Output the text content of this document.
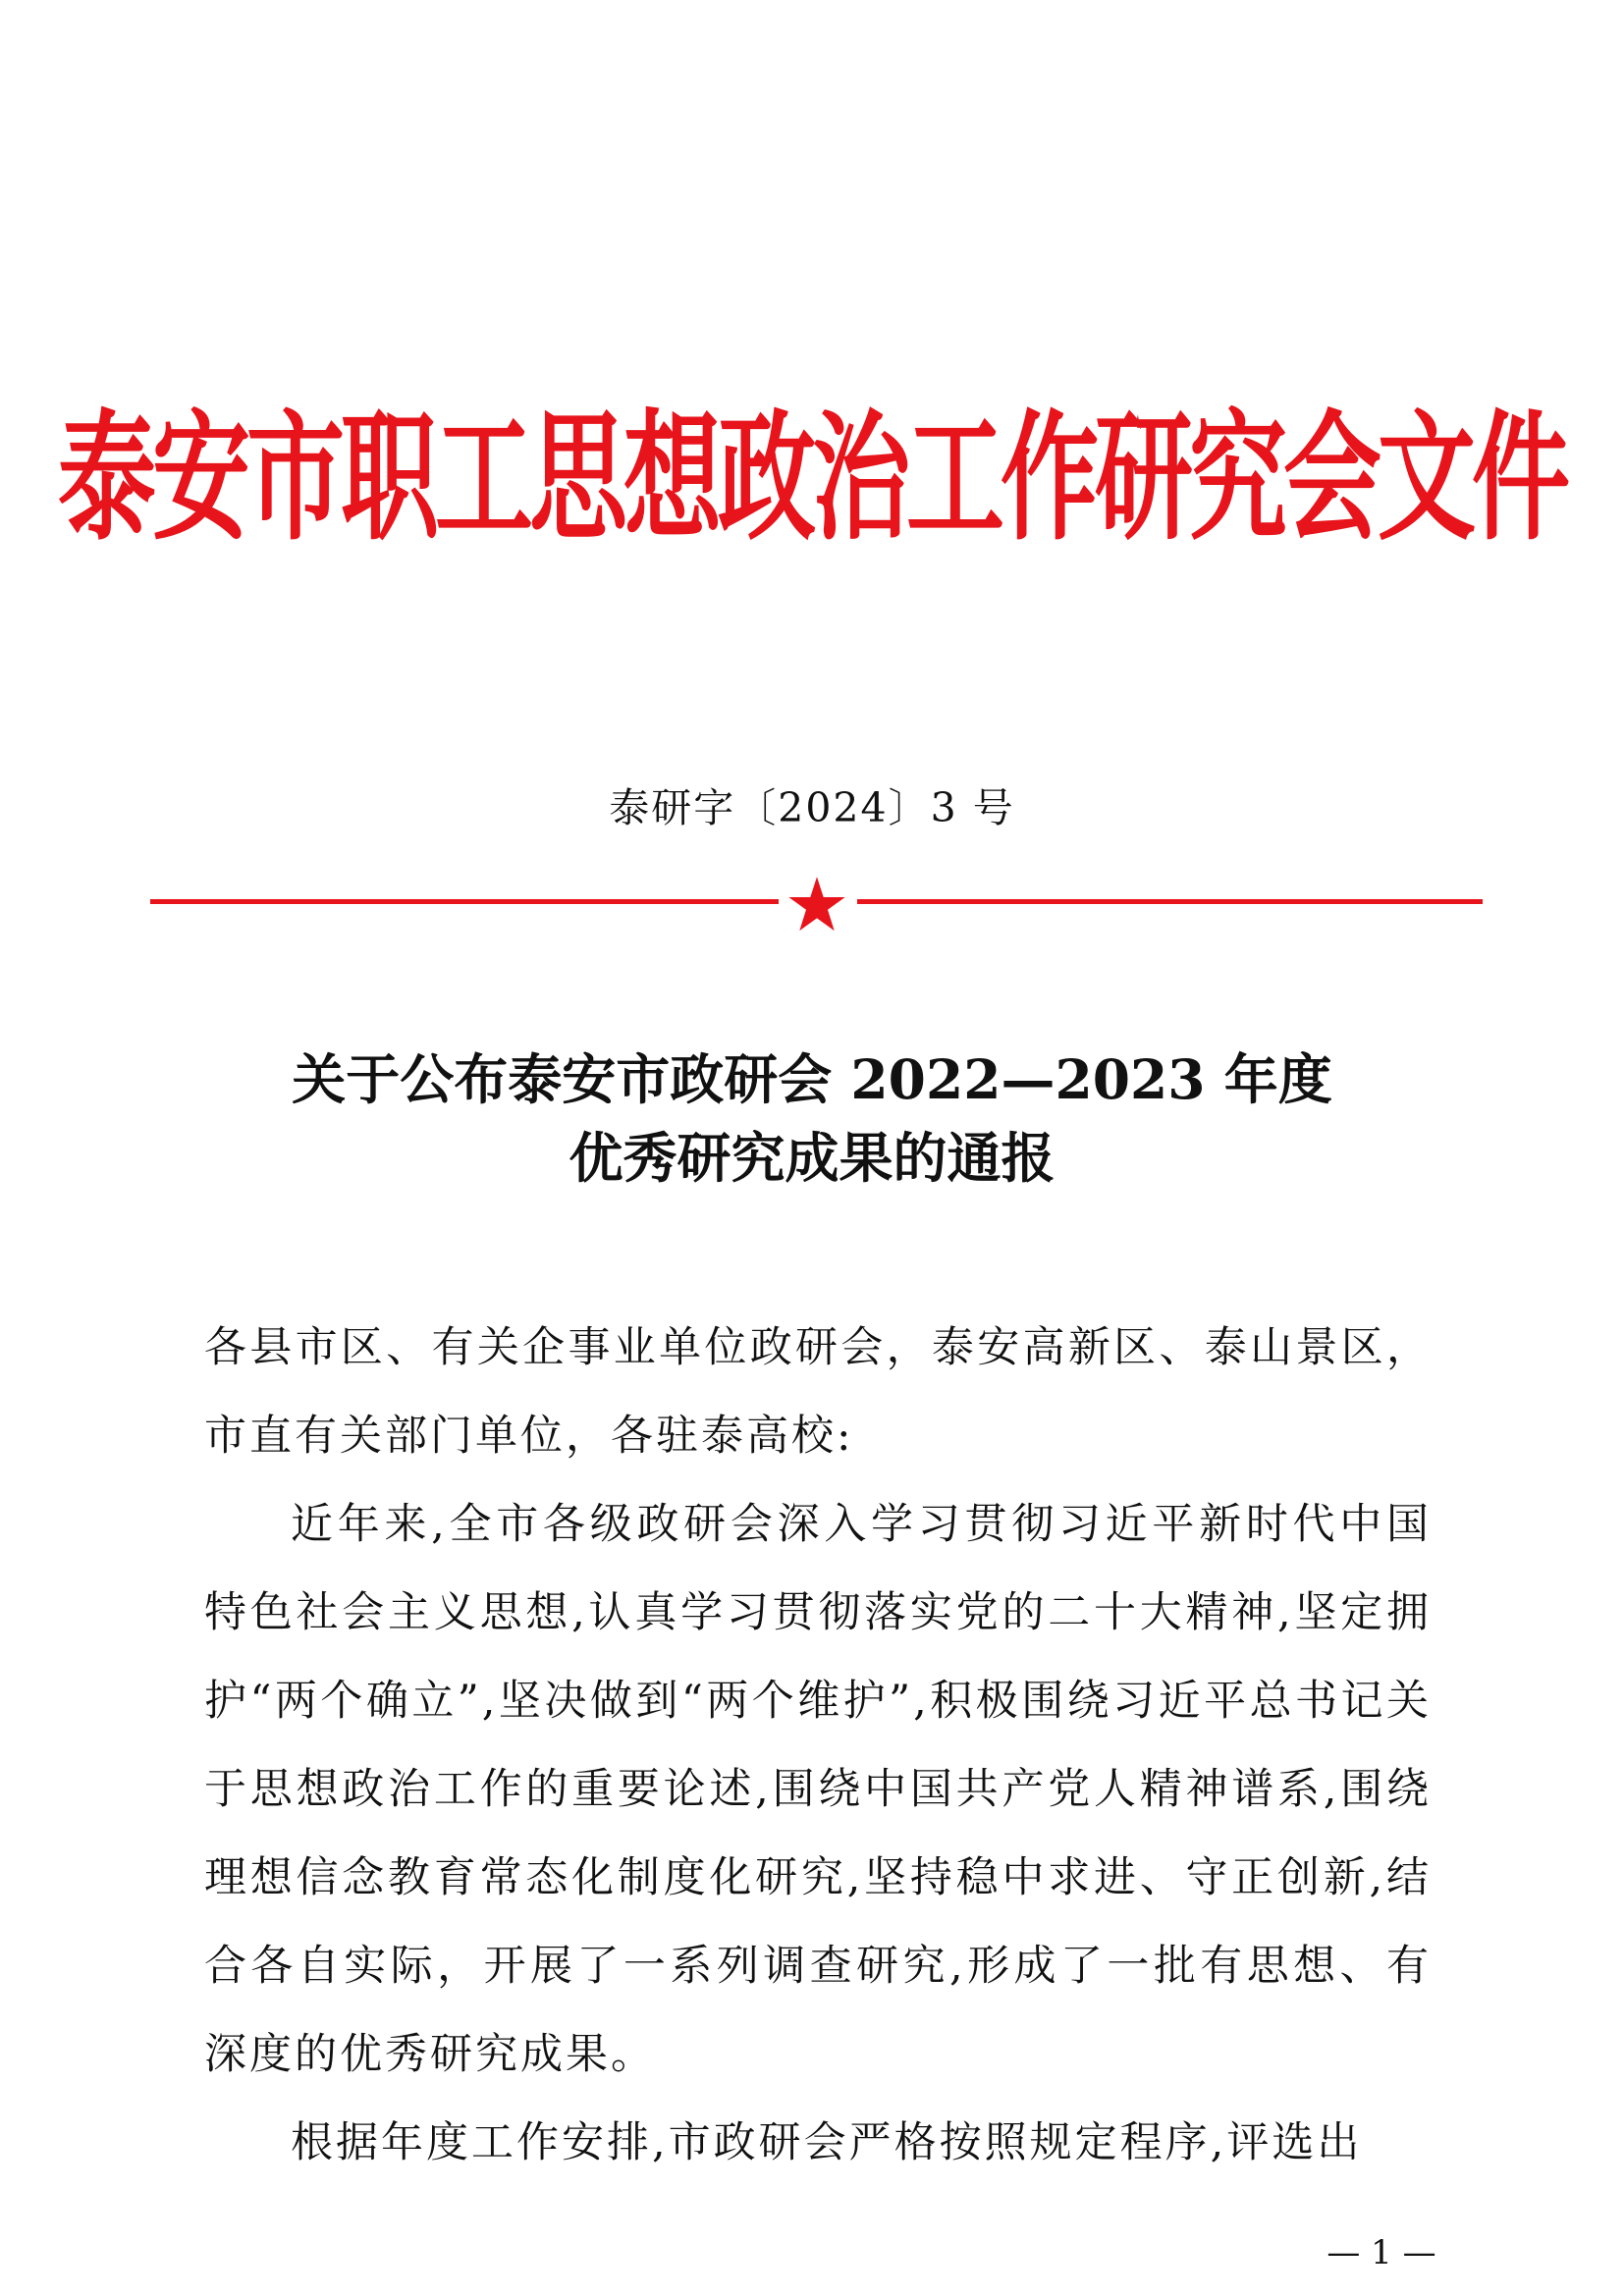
泰安市职工思想政治工作研究会文件
泰研字〔2024〕3 号
关于公布泰安市政研会 2022—2023 年度
优秀研究成果的通报

各县市区、有关企事业单位政研会，泰安高新区、泰山景区，市直有关部门单位，各驻泰高校:

近年来,全市各级政研会深入学习贯彻习近平新时代中国特色社会主义思想,认真学习贯彻落实党的二十大精神,坚定拥护“两个确立”,坚决做到“两个维护”,积极围绕习近平总书记关于思想政治工作的重要论述,围绕中国共产党人精神谱系,围绕理想信念教育常态化制度化研究,坚持稳中求进、守正创新,结合各自实际，开展了一系列调查研究,形成了一批有思想、有深度的优秀研究成果。

根据年度工作安排,市政研会严格按照规定程序,评选出

— 1 —
